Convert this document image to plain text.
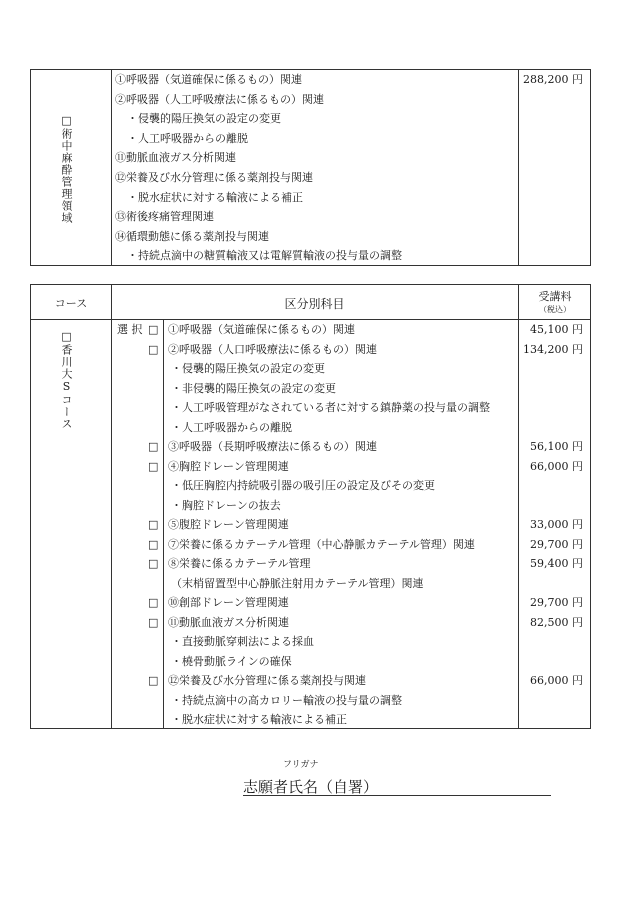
□術中麻酔管理領域
①呼吸器（気道確保に係るもの）関連
②呼吸器（人工呼吸療法に係るもの）関連
・侵襲的陽圧換気の設定の変更
・人工呼吸器からの離脱
⑪動脈血液ガス分析関連
⑫栄養及び水分管理に係る薬剤投与関連
・脱水症状に対する輸液による補正
⑬術後疼痛管理関連
⑭循環動態に係る薬剤投与関連
・持続点滴中の糖質輸液又は電解質輸液の投与量の調整
288,200 円
コース	区分別科目
受講料
（税込）
□香川大Sコース
選 択 □ ①呼吸器（気道確保に係るもの）関連	45,100 円
□ ②呼吸器（人口呼吸療法に係るもの）関連	134,200 円
・侵襲的陽圧換気の設定の変更
・非侵襲的陽圧換気の設定の変更
・人工呼吸管理がなされている者に対する鎮静薬の投与量の調整
・人工呼吸器からの離脱
□ ③呼吸器（長期呼吸療法に係るもの）関連	56,100 円
□ ④胸腔ドレーン管理関連	66,000 円
・低圧胸腔内持続吸引器の吸引圧の設定及びその変更
・胸腔ドレーンの抜去
□ ⑤腹腔ドレーン管理関連	33,000 円
□ ⑦栄養に係るカテーテル管理（中心静脈カテーテル管理）関連	29,700 円
□ ⑧栄養に係るカテーテル管理	59,400 円
（末梢留置型中心静脈注射用カテーテル管理）関連
□ ⑩創部ドレーン管理関連	29,700 円
□ ⑪動脈血液ガス分析関連	82,500 円
・直接動脈穿刺法による採血
・橈骨動脈ラインの確保
□ ⑫栄養及び水分管理に係る薬剤投与関連	66,000 円
・持続点滴中の高カロリー輸液の投与量の調整
・脱水症状に対する輸液による補正
フリガナ
志願者氏名（自署）
